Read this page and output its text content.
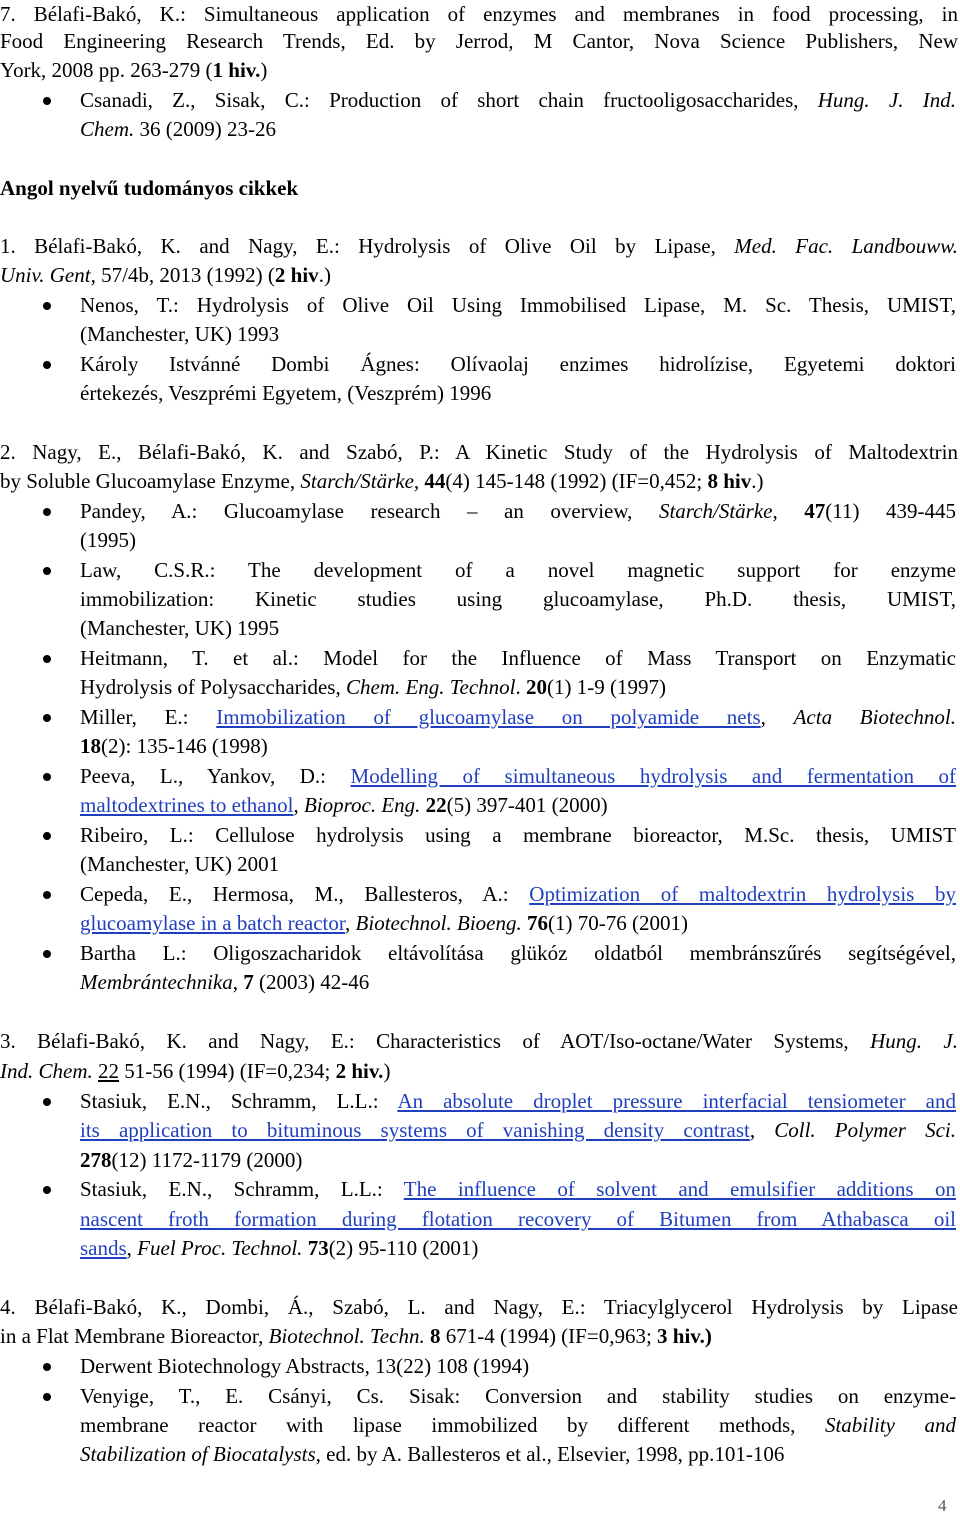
7. Bélafi-Bakó, K.: Simultaneous application of enzymes and membranes in food processing, in
Food Engineering Research Trends, Ed. by Jerrod, M Cantor, Nova Science Publishers, New
York, 2008 pp. 263-279 (1 hiv.)
Csanadi, Z., Sisak, C.: Production of short chain fructooligosaccharides, Hung. J. Ind.
Chem. 36 (2009) 23-26
Angol nyelvű tudományos cikkek
1. Bélafi-Bakó, K. and Nagy, E.: Hydrolysis of Olive Oil by Lipase, Med. Fac. Landbouww.
Univ. Gent, 57/4b, 2013 (1992) (2 hiv.)
Nenos, T.: Hydrolysis of Olive Oil Using Immobilised Lipase, M. Sc. Thesis, UMIST,
(Manchester, UK) 1993
Károly Istvánné Dombi Ágnes: Olívaolaj enzimes hidrolízise, Egyetemi doktori
értekezés, Veszprémi Egyetem, (Veszprém) 1996
2. Nagy, E., Bélafi-Bakó, K. and Szabó, P.: A Kinetic Study of the Hydrolysis of Maltodextrin
by Soluble Glucoamylase Enzyme, Starch/Stärke, 44(4) 145-148 (1992) (IF=0,452; 8 hiv.)
Pandey, A.: Glucoamylase research – an overview, Starch/Stärke, 47(11) 439-445
(1995)
Law, C.S.R.: The development of a novel magnetic support for enzyme
immobilization: Kinetic studies using glucoamylase, Ph.D. thesis, UMIST,
(Manchester, UK) 1995
Heitmann, T. et al.: Model for the Influence of Mass Transport on Enzymatic
Hydrolysis of Polysaccharides, Chem. Eng. Technol. 20(1) 1-9 (1997)
Miller, E.: Immobilization of glucoamylase on polyamide nets, Acta Biotechnol.
18(2): 135-146 (1998)
Peeva, L., Yankov, D.: Modelling of simultaneous hydrolysis and fermentation of
maltodextrines to ethanol, Bioproc. Eng. 22(5) 397-401 (2000)
Ribeiro, L.: Cellulose hydrolysis using a membrane bioreactor, M.Sc. thesis, UMIST
(Manchester, UK) 2001
Cepeda, E., Hermosa, M., Ballesteros, A.: Optimization of maltodextrin hydrolysis by
glucoamylase in a batch reactor, Biotechnol. Bioeng. 76(1) 70-76 (2001)
Bartha L.: Oligoszacharidok eltávolítása glükóz oldatból membránszűrés segítségével,
Membrántechnika, 7 (2003) 42-46
3. Bélafi-Bakó, K. and Nagy, E.: Characteristics of AOT/Iso-octane/Water Systems, Hung. J.
Ind. Chem. 22 51-56 (1994) (IF=0,234; 2 hiv.)
Stasiuk, E.N., Schramm, L.L.: An absolute droplet pressure interfacial tensiometer and
its application to bituminous systems of vanishing density contrast, Coll. Polymer Sci.
278(12) 1172-1179 (2000)
Stasiuk, E.N., Schramm, L.L.: The influence of solvent and emulsifier additions on
nascent froth formation during flotation recovery of Bitumen from Athabasca oil
sands, Fuel Proc. Technol. 73(2) 95-110 (2001)
4. Bélafi-Bakó, K., Dombi, Á., Szabó, L. and Nagy, E.: Triacylglycerol Hydrolysis by Lipase
in a Flat Membrane Bioreactor, Biotechnol. Techn. 8 671-4 (1994) (IF=0,963; 3 hiv.)
Derwent Biotechnology Abstracts, 13(22) 108 (1994)
Venyige, T., E. Csányi, Cs. Sisak: Conversion and stability studies on enzyme-
membrane reactor with lipase immobilized by different methods, Stability and
Stabilization of Biocatalysts, ed. by A. Ballesteros et al., Elsevier, 1998, pp.101-106
4
